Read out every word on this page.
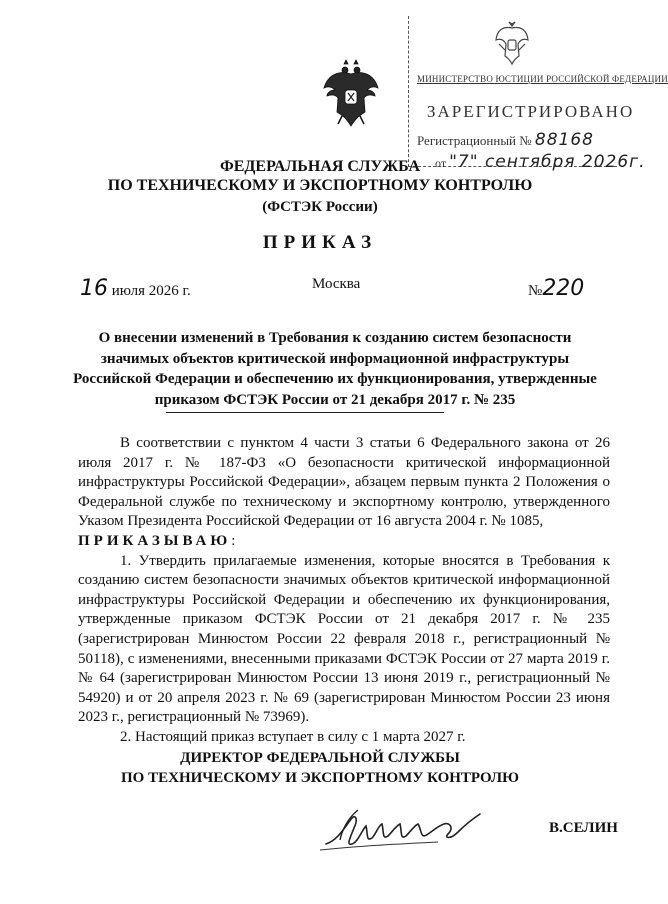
МИНИСТЕРСТВО ЮСТИЦИИ РОССИЙСКОЙ ФЕДЕРАЦИИ
ЗАРЕГИСТРИРОВАНО
Регистрационный № 88168
от "7" сентября 2026г.
ФЕДЕРАЛЬНАЯ СЛУЖБА
ПО ТЕХНИЧЕСКОМУ И ЭКСПОРТНОМУ КОНТРОЛЮ
(ФСТЭК России)
ПРИКАЗ
16 июля 2026 г.	Москва	№220
О внесении изменений в Требования к созданию систем безопасности значимых объектов критической информационной инфраструктуры Российской Федерации и обеспечению их функционирования, утвержденные приказом ФСТЭК России от 21 декабря 2017 г. № 235

В соответствии с пунктом 4 части 3 статьи 6 Федерального закона от 26 июля 2017 г. № 187-ФЗ «О безопасности критической информационной инфраструктуры Российской Федерации», абзацем первым пункта 2 Положения о Федеральной службе по техническому и экспортному контролю, утвержденного Указом Президента Российской Федерации от 16 августа 2004 г. № 1085,

ПРИКАЗЫВАЮ:

1. Утвердить прилагаемые изменения, которые вносятся в Требования к созданию систем безопасности значимых объектов критической информационной инфраструктуры Российской Федерации и обеспечению их функционирования, утвержденные приказом ФСТЭК России от 21 декабря 2017 г. № 235 (зарегистрирован Минюстом России 22 февраля 2018 г., регистрационный № 50118), с изменениями, внесенными приказами ФСТЭК России от 27 марта 2019 г. № 64 (зарегистрирован Минюстом России 13 июня 2019 г., регистрационный № 54920) и от 20 апреля 2023 г. № 69 (зарегистрирован Минюстом России 23 июня 2023 г., регистрационный № 73969).

2. Настоящий приказ вступает в силу с 1 марта 2027 г.

ДИРЕКТОР ФЕДЕРАЛЬНОЙ СЛУЖБЫ
ПО ТЕХНИЧЕСКОМУ И ЭКСПОРТНОМУ КОНТРОЛЮ
В.СЕЛИН
